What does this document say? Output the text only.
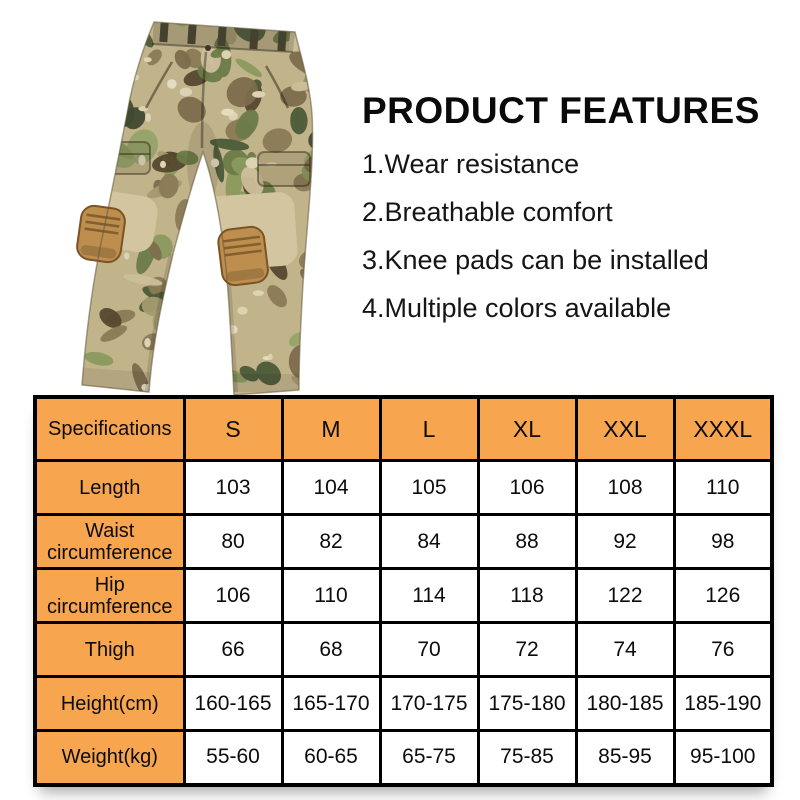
PRODUCT FEATURES
1.Wear resistance
2.Breathable comfort
3.Knee pads can be installed
4.Multiple colors available
Specifications	S	M	L	XL	XXL	XXXL
Length	103	104	105	106	108	110
Waist circumference	80	82	84	88	92	98
Hip circumference	106	110	114	118	122	126
Thigh	66	68	70	72	74	76
Height(cm)	160-165	165-170	170-175	175-180	180-185	185-190
Weight(kg)	55-60	60-65	65-75	75-85	85-95	95-100
